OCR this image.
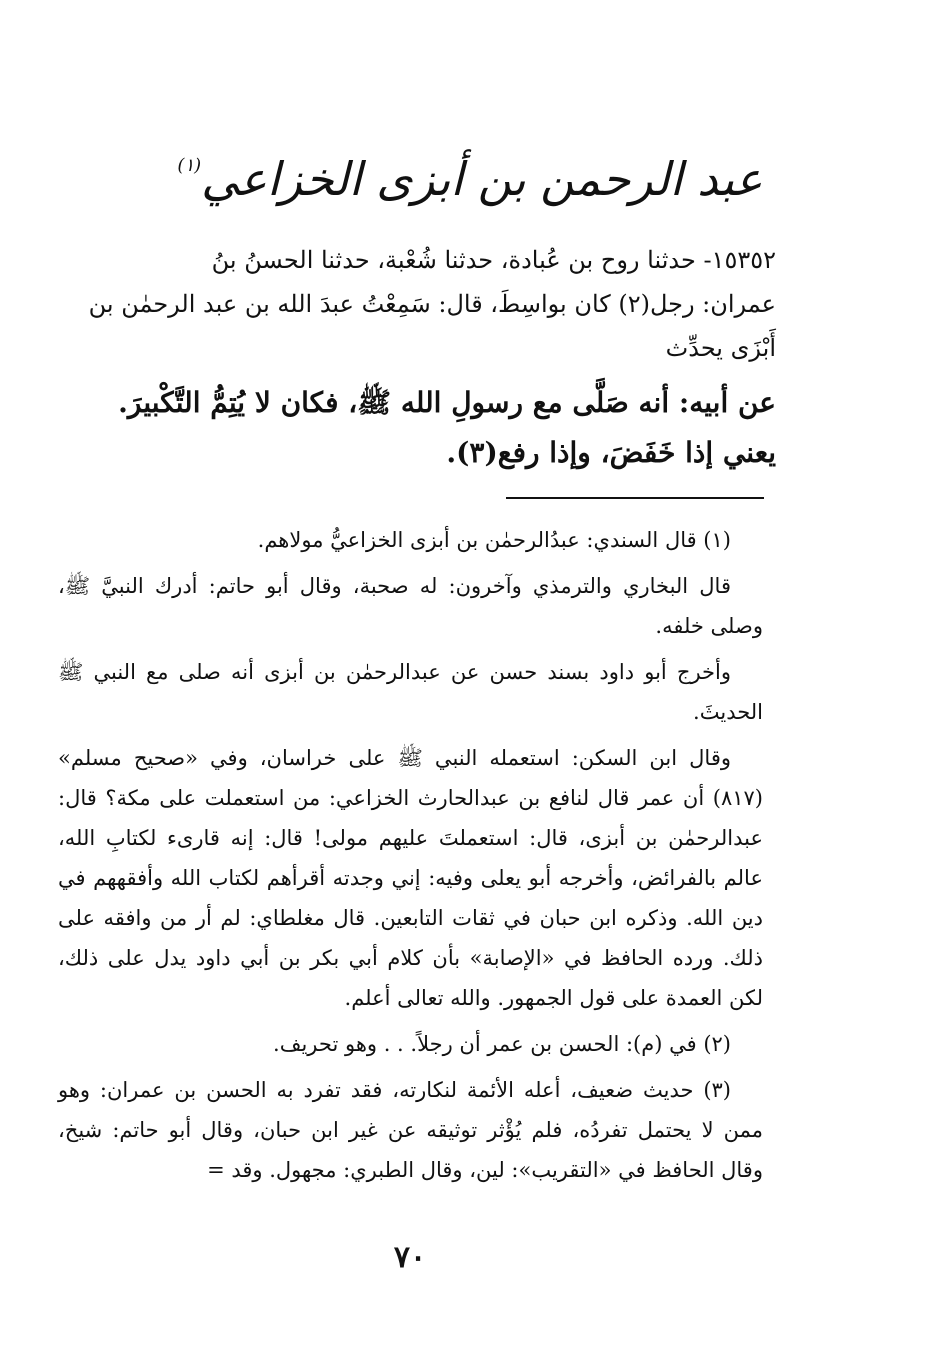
عبد الرحمن بن أبزى الخزاعي$^{(١)}$

١٥٣٥٢- حدثنا روح بن عُبادة، حدثنا شُعْبة، حدثنا الحسنُ بنُ

عمران: رجل(٢) كان بواسِطَ، قال: سَمِعْتُ عبدَ الله بن عبد الرحمٰن بن

أَبْزَى يحدِّث

عن أبيه: أنه صَلَّى مع رسولِ الله ﷺ، فكان لا يُتِمُّ التَّكْبيرَ.

يعني إذا خَفَضَ، وإذا رفع(٣).

(١) قال السندي: عبدُالرحمٰن بن أبزى الخزاعيُّ مولاهم.

قال البخاري والترمذي وآخرون: له صحبة، وقال أبو حاتم: أدرك النبيَّ ﷺ، وصلى خلفه.

وأخرج أبو داود بسند حسن عن عبدالرحمٰن بن أبزى أنه صلى مع النبي ﷺ الحديثَ.

وقال ابن السكن: استعمله النبي ﷺ على خراسان، وفي «صحيح مسلم» (٨١٧) أن عمر قال لنافع بن عبدالحارث الخزاعي: من استعملت على مكة؟ قال: عبدالرحمٰن بن أبزى، قال: استعملتَ عليهم مولى! قال: إنه قارىء لكتابِ الله، عالم بالفرائض، وأخرجه أبو يعلى وفيه: إني وجدته أقرأهم لكتاب الله وأفقههم في دين الله. وذكره ابن حبان في ثقات التابعين. قال مغلطاي: لم أر من وافقه على ذلك. ورده الحافظ في «الإصابة» بأن كلام أبي بكر بن أبي داود يدل على ذلك، لكن العمدة على قول الجمهور. والله تعالى أعلم.

(٢) في (م): الحسن بن عمر أن رجلاً. . . وهو تحريف.

(٣) حديث ضعيف، أعله الأئمة لنكارته، فقد تفرد به الحسن بن عمران: وهو ممن لا يحتمل تفردُه، فلم يُؤْثر توثيقه عن غير ابن حبان، وقال أبو حاتم: شيخ، وقال الحافظ في «التقريب»: لين، وقال الطبري: مجهول. وقد =

٧٠
